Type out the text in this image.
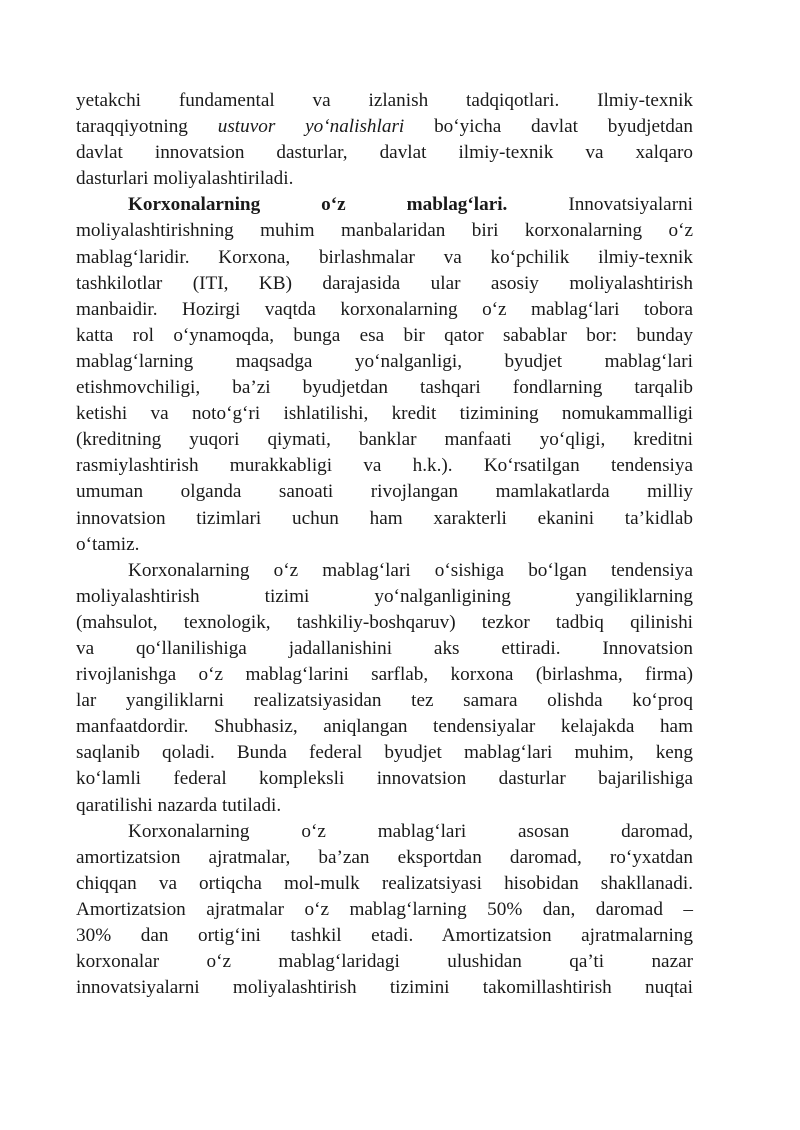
yetakchi fundamental va izlanish tadqiqotlari. Ilmiy-texnik
taraqqiyotning ustuvor yo‘nalishlari bo‘yicha davlat byudjetdan
davlat innovatsion dasturlar, davlat ilmiy-texnik va xalqaro
dasturlari moliyalashtiriladi.
Korxonalarning o‘z mablag‘lari. Innovatsiyalarni
moliyalashtirishning muhim manbalaridan biri korxonalarning o‘z
mablag‘laridir. Korxona, birlashmalar va ko‘pchilik ilmiy-texnik
tashkilotlar (ITI, KB) darajasida ular asosiy moliyalashtirish
manbaidir. Hozirgi vaqtda korxonalarning o‘z mablag‘lari tobora
katta rol o‘ynamoqda, bunga esa bir qator sabablar bor: bunday
mablag‘larning maqsadga yo‘nalganligi, byudjet mablag‘lari
etishmovchiligi, ba’zi byudjetdan tashqari fondlarning tarqalib
ketishi va noto‘g‘ri ishlatilishi, kredit tizimining nomukammalligi
(kreditning yuqori qiymati, banklar manfaati yo‘qligi, kreditni
rasmiylashtirish murakkabligi va h.k.). Ko‘rsatilgan tendensiya
umuman olganda sanoati rivojlangan mamlakatlarda milliy
innovatsion tizimlari uchun ham xarakterli ekanini ta’kidlab
o‘tamiz.
Korxonalarning o‘z mablag‘lari o‘sishiga bo‘lgan tendensiya
moliyalashtirish tizimi yo‘nalganligining yangiliklarning
(mahsulot, texnologik, tashkiliy-boshqaruv) tezkor tadbiq qilinishi
va qo‘llanilishiga jadallanishini aks ettiradi. Innovatsion
rivojlanishga o‘z mablag‘larini sarflab, korxona (birlashma, firma)
lar yangiliklarni realizatsiyasidan tez samara olishda ko‘proq
manfaatdordir. Shubhasiz, aniqlangan tendensiyalar kelajakda ham
saqlanib qoladi. Bunda federal byudjet mablag‘lari muhim, keng
ko‘lamli federal kompleksli innovatsion dasturlar bajarilishiga
qaratilishi nazarda tutiladi.
Korxonalarning o‘z mablag‘lari asosan daromad,
amortizatsion ajratmalar, ba’zan eksportdan daromad, ro‘yxatdan
chiqqan va ortiqcha mol-mulk realizatsiyasi hisobidan shakllanadi.
Amortizatsion ajratmalar o‘z mablag‘larning 50% dan, daromad –
30% dan ortig‘ini tashkil etadi. Amortizatsion ajratmalarning
korxonalar o‘z mablag‘laridagi ulushidan qa’ti nazar
innovatsiyalarni moliyalashtirish tizimini takomillashtirish nuqtai
